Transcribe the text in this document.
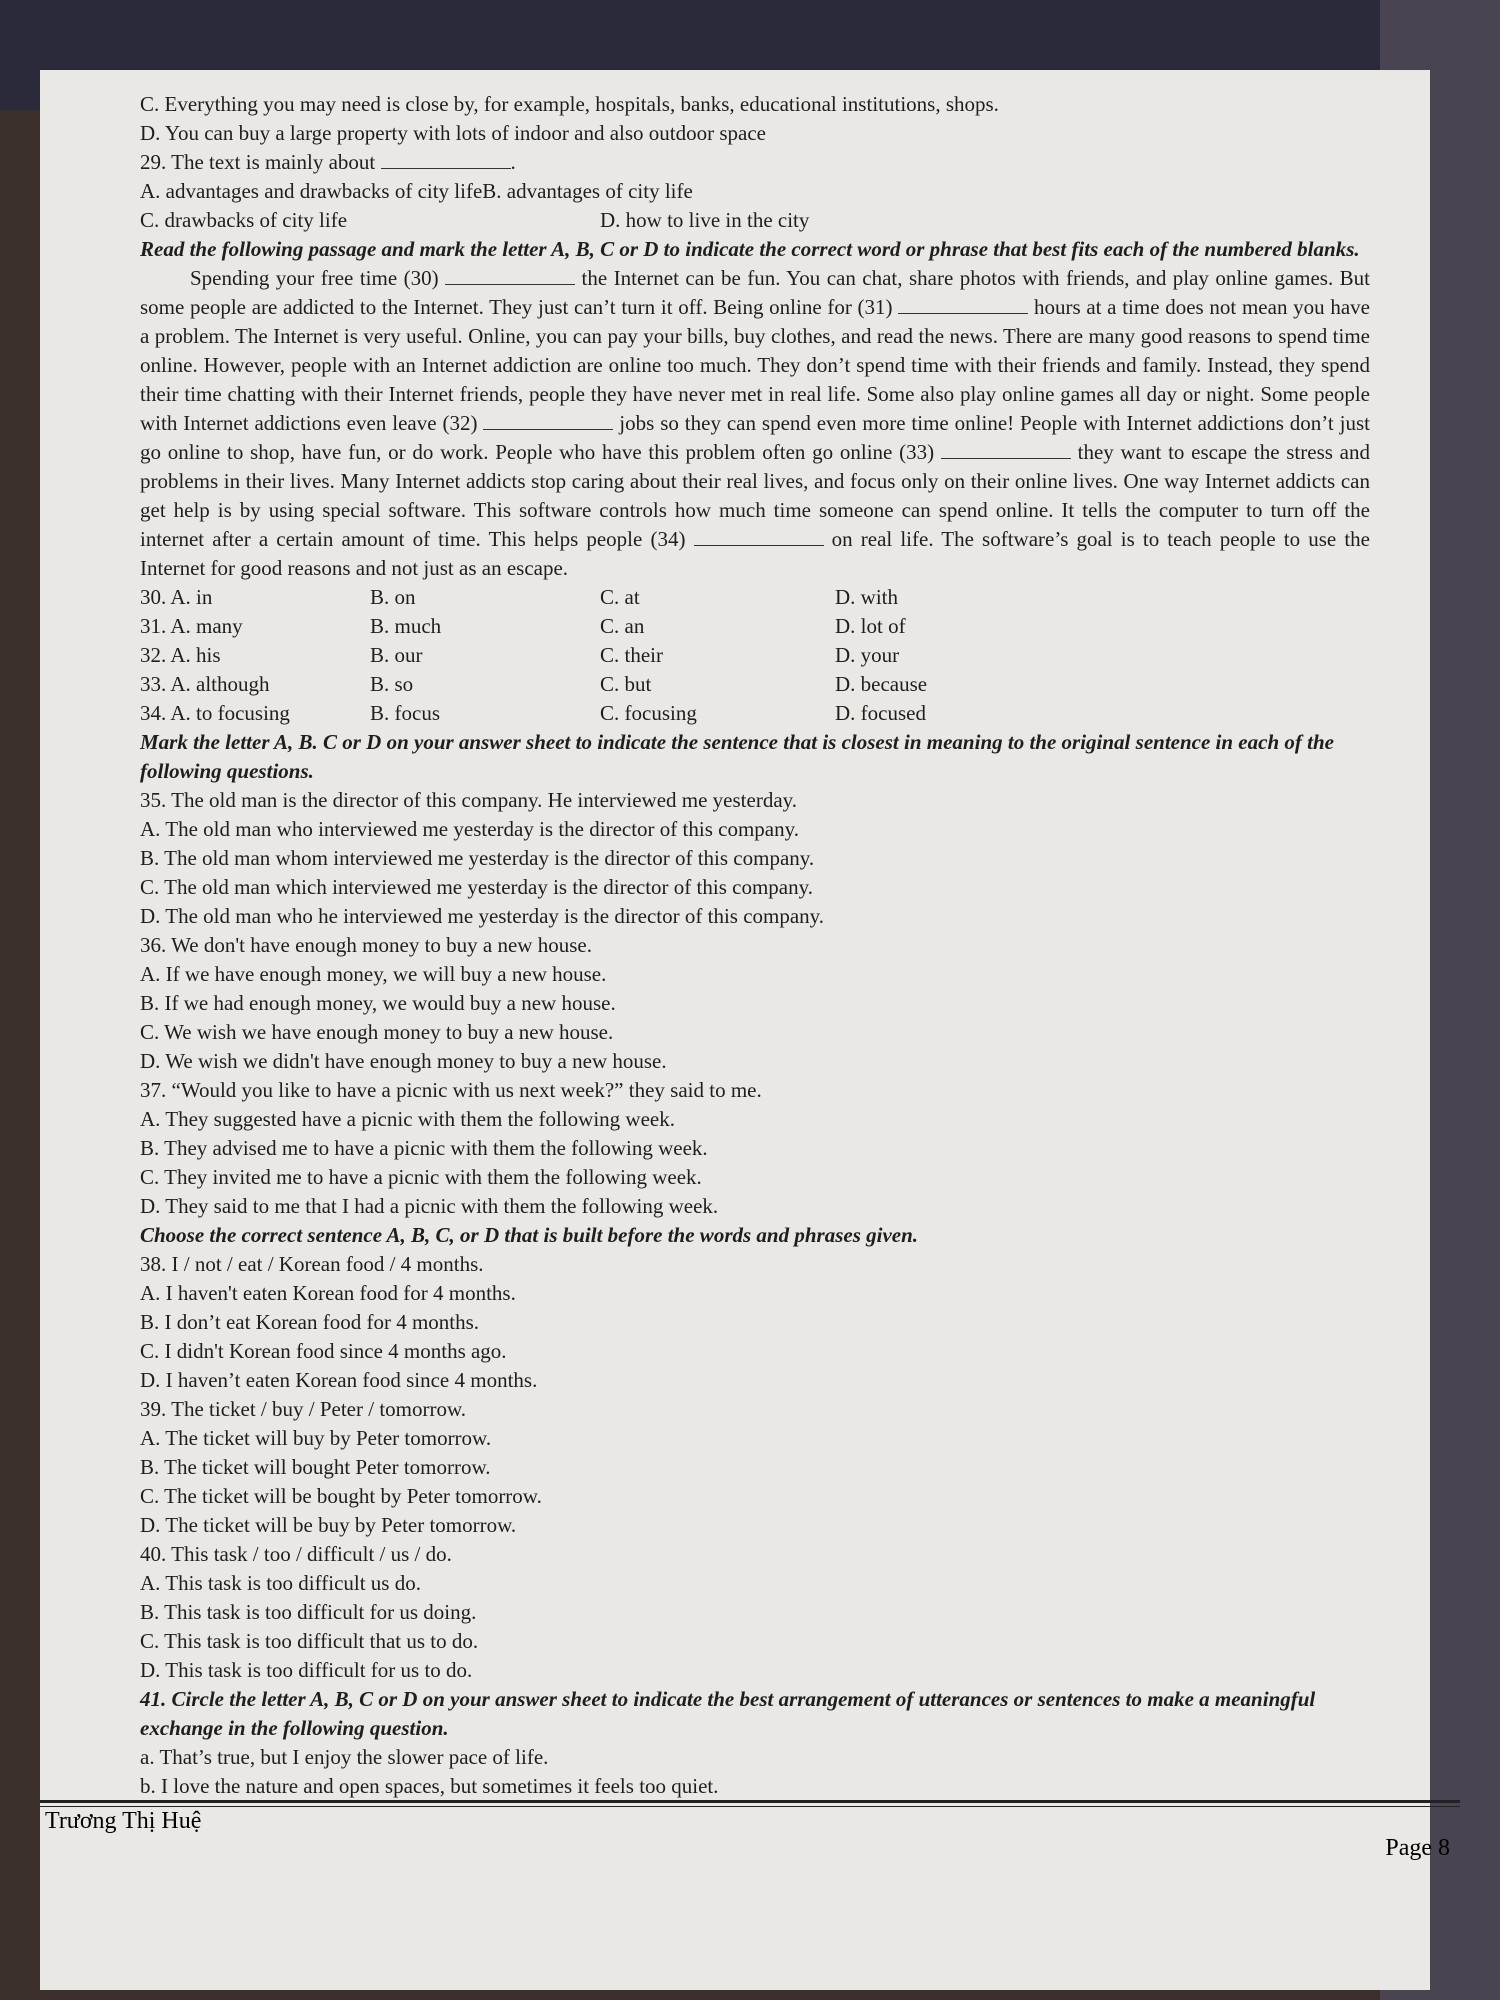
C. Everything you may need is close by, for example, hospitals, banks, educational institutions, shops.
D. You can buy a large property with lots of indoor and also outdoor space
29. The text is mainly about	.
A. advantages and drawbacks of city lifeB. advantages of city life
C. drawbacks of city life	D. how to live in the city
Read the following passage and mark the letter A, B, C or D to indicate the correct word or phrase that best fits each of the numbered blanks.
Spending your free time (30)	the Internet can be fun. You can chat, share photos with friends, and play online games. But some people are addicted to the Internet. They just can’t turn it off. Being online for (31)	hours at a time does not mean you have a problem. The Internet is very useful. Online, you can pay your bills, buy clothes, and read the news. There are many good reasons to spend time online. However, people with an Internet addiction are online too much. They don’t spend time with their friends and family. Instead, they spend their time chatting with their Internet friends, people they have never met in real life. Some also play online games all day or night. Some people with Internet addictions even leave (32)	jobs so they can spend even more time online! People with Internet addictions don’t just go online to shop, have fun, or do work. People who have this problem often go online (33)	they want to escape the stress and problems in their lives. Many Internet addicts stop caring about their real lives, and focus only on their online lives. One way Internet addicts can get help is by using special software. This software controls how much time someone can spend online. It tells the computer to turn off the internet after a certain amount of time. This helps people (34)	on real life. The software’s goal is to teach people to use the Internet for good reasons and not just as an escape.
30. A. in	B. on	C. at	D. with
31. A. many	B. much	C. an	D. lot of
32. A. his	B. our	C. their	D. your
33. A. although	B. so	C. but	D. because
34. A. to focusing	B. focus	C. focusing	D. focused
Mark the letter A, B. C or D on your answer sheet to indicate the sentence that is closest in meaning to the original sentence in each of the following questions.
35. The old man is the director of this company. He interviewed me yesterday.
A. The old man who interviewed me yesterday is the director of this company.
B. The old man whom interviewed me yesterday is the director of this company.
C. The old man which interviewed me yesterday is the director of this company.
D. The old man who he interviewed me yesterday is the director of this company.
36. We don't have enough money to buy a new house.
A. If we have enough money, we will buy a new house.
B. If we had enough money, we would buy a new house.
C. We wish we have enough money to buy a new house.
D. We wish we didn't have enough money to buy a new house.
37. “Would you like to have a picnic with us next week?” they said to me.
A. They suggested have a picnic with them the following week.
B. They advised me to have a picnic with them the following week.
C. They invited me to have a picnic with them the following week.
D. They said to me that I had a picnic with them the following week.
Choose the correct sentence A, B, C, or D that is built before the words and phrases given.
38. I / not / eat / Korean food / 4 months.
A. I haven't eaten Korean food for 4 months.
B. I don’t eat Korean food for 4 months.
C. I didn't Korean food since 4 months ago.
D. I haven’t eaten Korean food since 4 months.
39. The ticket / buy / Peter / tomorrow.
A. The ticket will buy by Peter tomorrow.
B. The ticket will bought Peter tomorrow.
C. The ticket will be bought by Peter tomorrow.
D. The ticket will be buy by Peter tomorrow.
40. This task / too / difficult / us / do.
A. This task is too difficult us do.
B. This task is too difficult for us doing.
C. This task is too difficult that us to do.
D. This task is too difficult for us to do.
41. Circle the letter A, B, C or D on your answer sheet to indicate the best arrangement of utterances or sentences to make a meaningful exchange in the following question.
a. That’s true, but I enjoy the slower pace of life.
b. I love the nature and open spaces, but sometimes it feels too quiet.
Trương Thị Huệ
Page 8
